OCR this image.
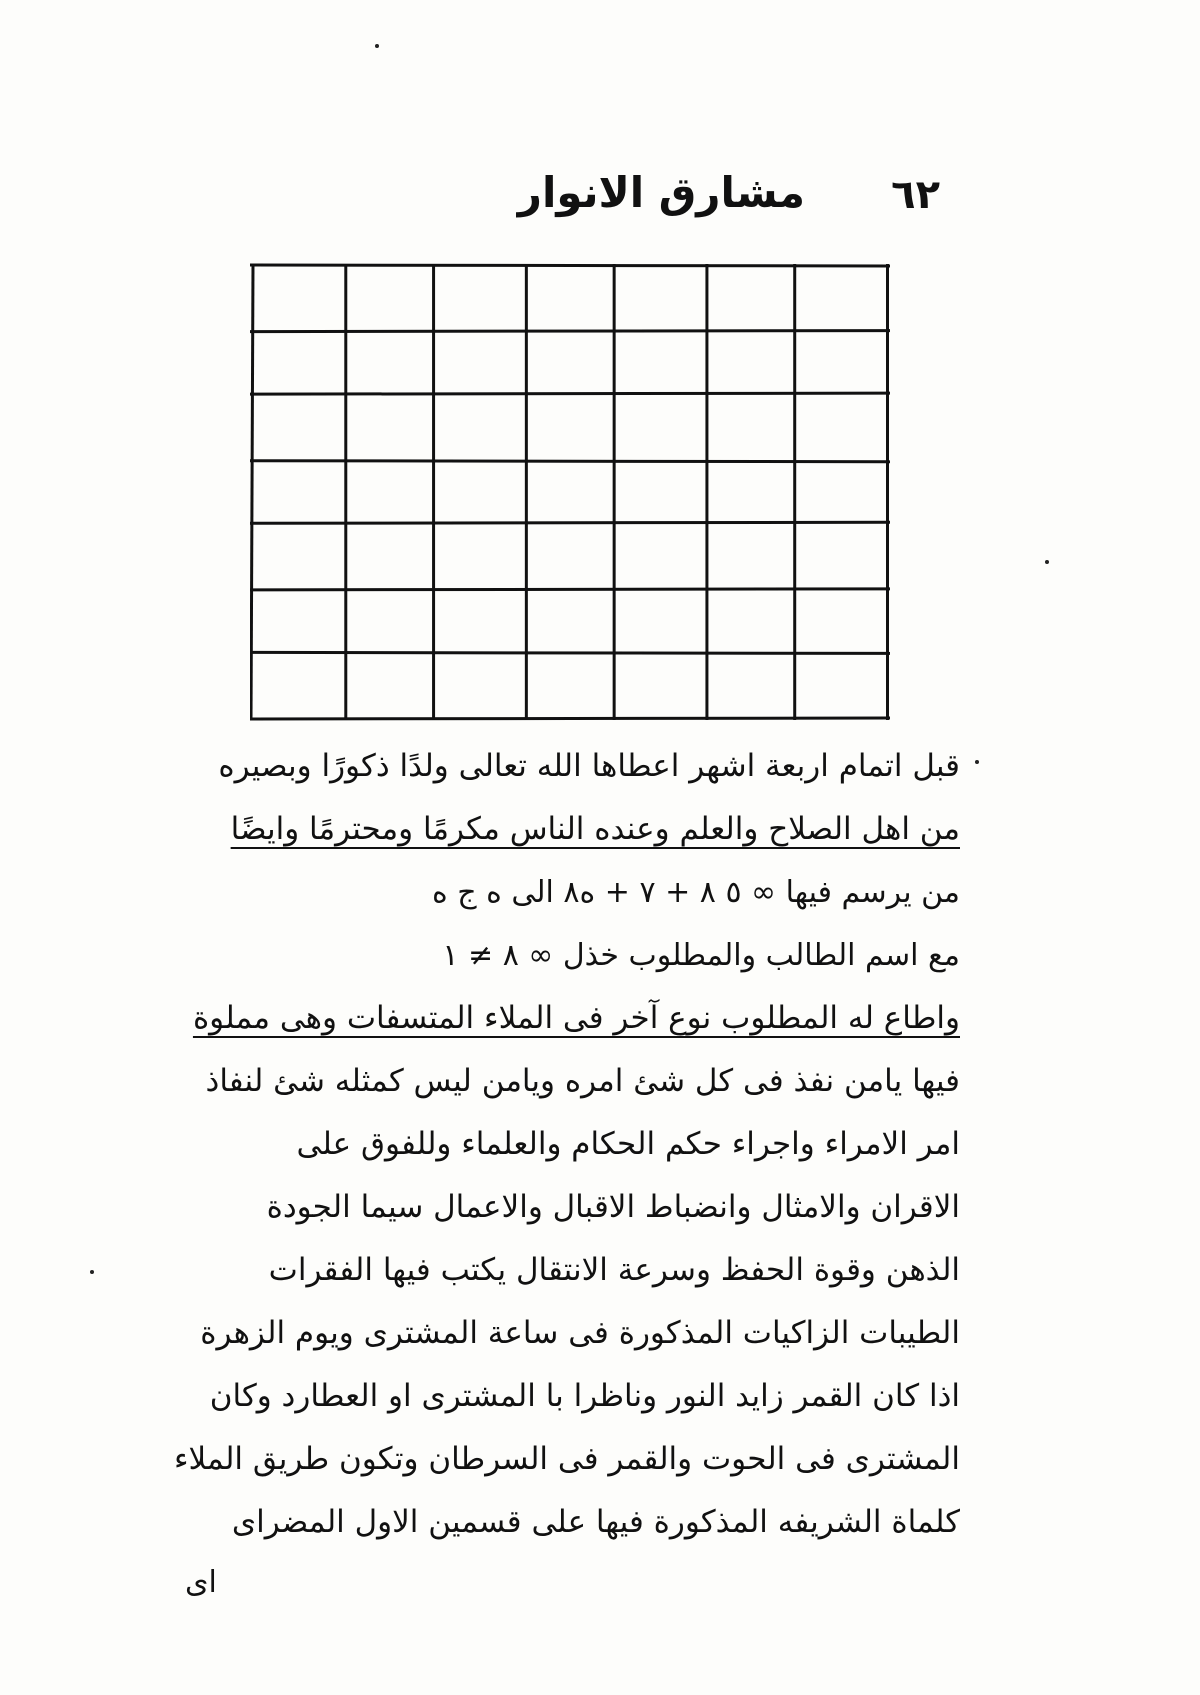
٦٢
مشارق الانوار
قبل اتمام اربعة اشهر اعطاها الله تعالى ولدًا ذكورًا وبصيره
من اهل الصلاح والعلم وعنده الناس مكرمًا ومحترمًا وايضًا
من يرسم فيها ∞ ٥ ٨ + ٧ + ه٨ الى ه ج ه
مع اسم الطالب والمطلوب خذل ∞ ٨ ≠ ١
واطاع له المطلوب نوع آخر فى الملاء المتسفات وهى مملوة
فيها يامن نفذ فى كل شئ امره ويامن ليس كمثله شئ لنفاذ
امر الامراء واجراء حكم الحكام والعلماء وللفوق على
الاقران والامثال وانضباط الاقبال والاعمال سيما الجودة
الذهن وقوة الحفظ وسرعة الانتقال يكتب فيها الفقرات
الطيبات الزاكيات المذكورة فى ساعة المشترى ويوم الزهرة
اذا كان القمر زايد النور وناظرا با المشترى او العطارد وكان
المشترى فى الحوت والقمر فى السرطان وتكون طريق الملاء
كلماة الشريفه المذكورة فيها على قسمين الاول المضراى
اى
